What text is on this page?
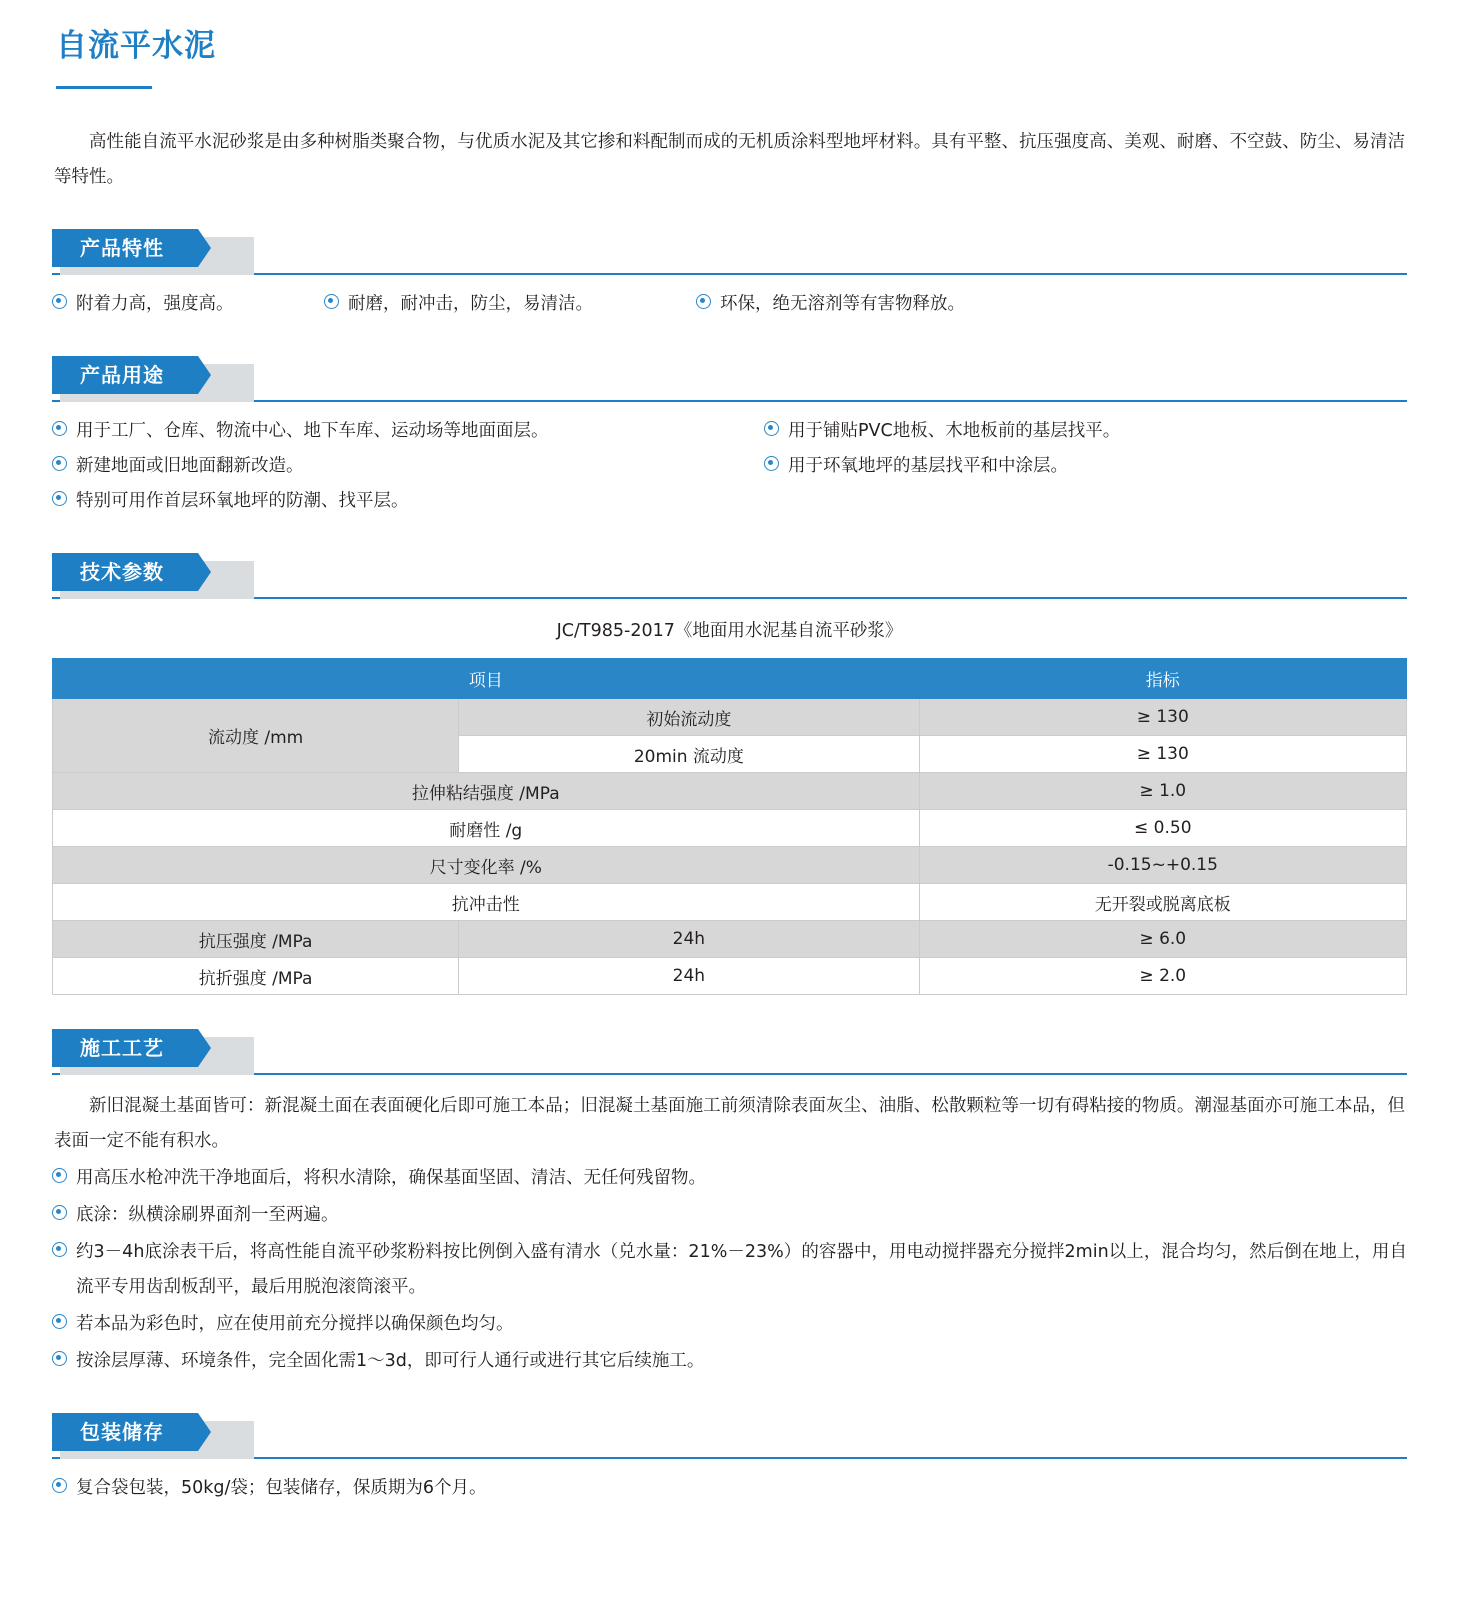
自流平水泥

高性能自流平水泥砂浆是由多种树脂类聚合物，与优质水泥及其它掺和料配制而成的无机质涂料型地坪材料。具有平整、抗压强度高、美观、耐磨、不空鼓、防尘、易清洁等特性。

产品特性
附着力高，强度高。	耐磨，耐冲击，防尘，易清洁。	环保，绝无溶剂等有害物释放。
产品用途
用于工厂、仓库、物流中心、地下车库、运动场等地面面层。	用于铺贴PVC地板、木地板前的基层找平。
新建地面或旧地面翻新改造。	用于环氧地坪的基层找平和中涂层。
特别可用作首层环氧地坪的防潮、找平层。
技术参数
JC/T985-2017《地面用水泥基自流平砂浆》
项目		指标
流动度 /mm	初始流动度	≥ 130
	20min 流动度	≥ 130
拉伸粘结强度 /MPa		≥ 1.0
耐磨性 /g		≤ 0.50
尺寸变化率 /%		-0.15~+0.15
抗冲击性		无开裂或脱离底板
抗压强度 /MPa	24h	≥ 6.0
抗折强度 /MPa	24h	≥ 2.0
施工工艺

新旧混凝土基面皆可：新混凝土面在表面硬化后即可施工本品；旧混凝土基面施工前须清除表面灰尘、油脂、松散颗粒等一切有碍粘接的物质。潮湿基面亦可施工本品，但表面一定不能有积水。

用高压水枪冲洗干净地面后，将积水清除，确保基面坚固、清洁、无任何残留物。
底涂：纵横涂刷界面剂一至两遍。
约3－4h底涂表干后，将高性能自流平砂浆粉料按比例倒入盛有清水（兑水量：21%－23%）的容器中，用电动搅拌器充分搅拌2min以上，混合均匀，然后倒在地上，用自流平专用齿刮板刮平，最后用脱泡滚筒滚平。
若本品为彩色时，应在使用前充分搅拌以确保颜色均匀。
按涂层厚薄、环境条件，完全固化需1～3d，即可行人通行或进行其它后续施工。
包装储存
复合袋包装，50kg/袋；包装储存，保质期为6个月。
